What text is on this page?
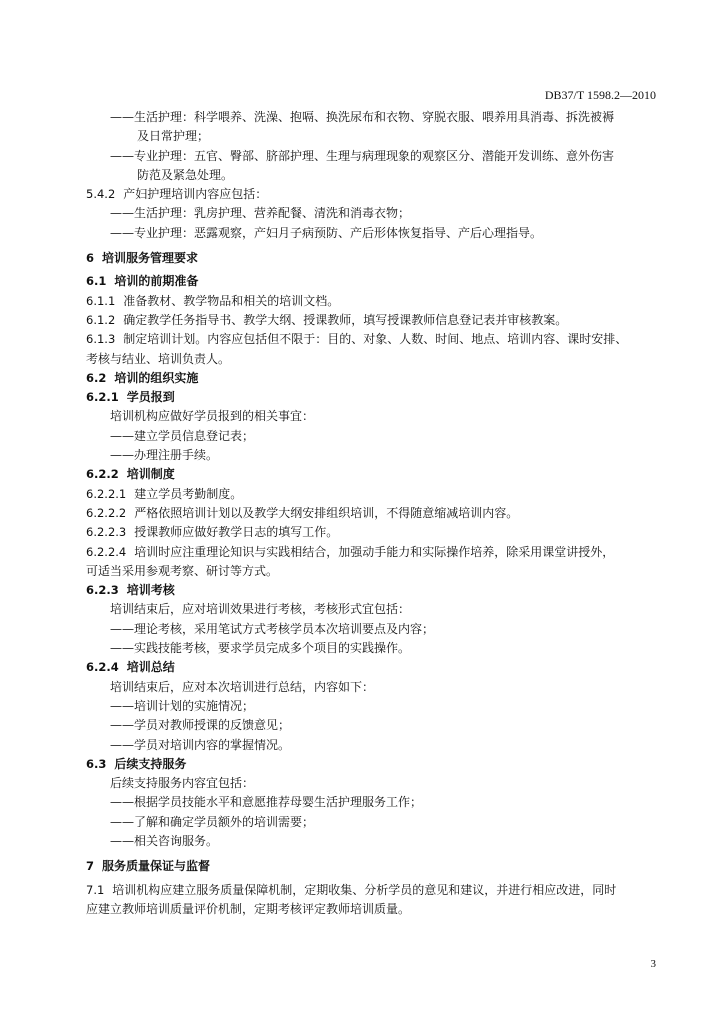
DB37/T 1598.2—2010
——生活护理：科学喂养、洗澡、抱嗝、换洗尿布和衣物、穿脱衣服、喂养用具消毒、拆洗被褥
及日常护理；
——专业护理：五官、臀部、脐部护理、生理与病理现象的观察区分、潜能开发训练、意外伤害
防范及紧急处理。
5.4.2 产妇护理培训内容应包括：
——生活护理：乳房护理、营养配餐、清洗和消毒衣物；
——专业护理：恶露观察，产妇月子病预防、产后形体恢复指导、产后心理指导。
6 培训服务管理要求
6.1 培训的前期准备
6.1.1 准备教材、教学物品和相关的培训文档。
6.1.2 确定教学任务指导书、教学大纲、授课教师，填写授课教师信息登记表并审核教案。
6.1.3 制定培训计划。内容应包括但不限于：目的、对象、人数、时间、地点、培训内容、课时安排、
考核与结业、培训负责人。
6.2 培训的组织实施
6.2.1 学员报到
培训机构应做好学员报到的相关事宜：
——建立学员信息登记表；
——办理注册手续。
6.2.2 培训制度
6.2.2.1 建立学员考勤制度。
6.2.2.2 严格依照培训计划以及教学大纲安排组织培训，不得随意缩减培训内容。
6.2.2.3 授课教师应做好教学日志的填写工作。
6.2.2.4 培训时应注重理论知识与实践相结合，加强动手能力和实际操作培养，除采用课堂讲授外，
可适当采用参观考察、研讨等方式。
6.2.3 培训考核
培训结束后，应对培训效果进行考核，考核形式宜包括：
——理论考核，采用笔试方式考核学员本次培训要点及内容；
——实践技能考核，要求学员完成多个项目的实践操作。
6.2.4 培训总结
培训结束后，应对本次培训进行总结，内容如下：
——培训计划的实施情况；
——学员对教师授课的反馈意见；
——学员对培训内容的掌握情况。
6.3 后续支持服务
后续支持服务内容宜包括：
——根据学员技能水平和意愿推荐母婴生活护理服务工作；
——了解和确定学员额外的培训需要；
——相关咨询服务。
7 服务质量保证与监督
7.1 培训机构应建立服务质量保障机制，定期收集、分析学员的意见和建议，并进行相应改进，同时
应建立教师培训质量评价机制，定期考核评定教师培训质量。
3
